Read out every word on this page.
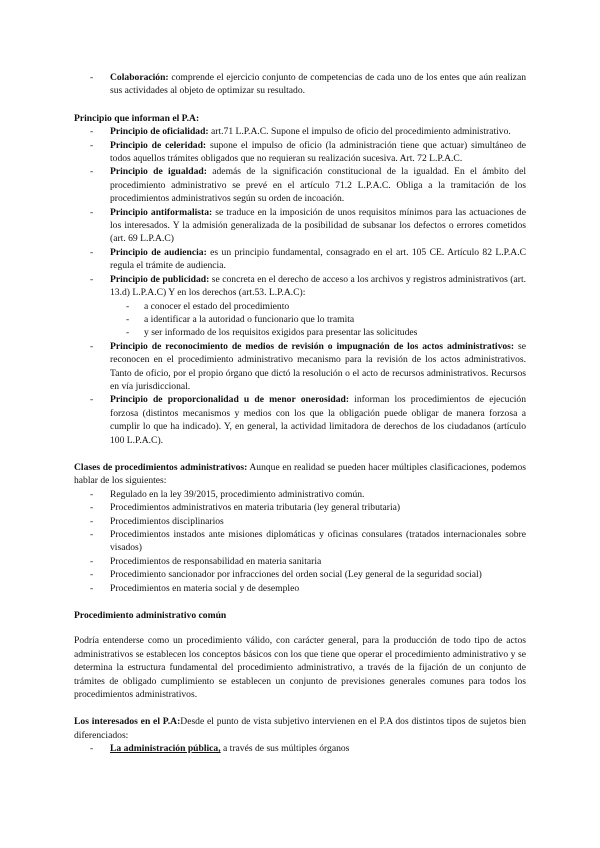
- Colaboración: comprende el ejercicio conjunto de competencias de cada uno de los entes que aún realizan sus actividades al objeto de optimizar su resultado.

Principio que informan el P.A:

- Principio de oficialidad: art.71 L.P.A.C. Supone el impulso de oficio del procedimiento administrativo.
- Principio de celeridad: supone el impulso de oficio (la administración tiene que actuar) simultáneo de todos aquellos trámites obligados que no requieran su realización sucesiva. Art. 72 L.P.A.C.
- Principio de igualdad: además de la significación constitucional de la igualdad. En el ámbito del procedimiento administrativo se prevé en el artículo 71.2 L.P.A.C. Obliga a la tramitación de los procedimientos administrativos según su orden de incoación.
- Principio antiformalista: se traduce en la imposición de unos requisitos mínimos para las actuaciones de los interesados. Y la admisión generalizada de la posibilidad de subsanar los defectos o errores cometidos (art. 69 L.P.A.C)
- Principio de audiencia: es un principio fundamental, consagrado en el art. 105 CE. Artículo 82 L.P.A.C regula el trámite de audiencia.
- Principio de publicidad: se concreta en el derecho de acceso a los archivos y registros administrativos (art. 13.d) L.P.A.C) Y en los derechos (art.53. L.P.A.C):
- a conocer el estado del procedimiento
- a identificar a la autoridad o funcionario que lo tramita
- y ser informado de los requisitos exigidos para presentar las solicitudes
- Principio de reconocimiento de medios de revisión o impugnación de los actos administrativos: se reconocen en el procedimiento administrativo mecanismo para la revisión de los actos administrativos. Tanto de oficio, por el propio órgano que dictó la resolución o el acto de recursos administrativos. Recursos en vía jurisdiccional.
- Principio de proporcionalidad u de menor onerosidad: informan los procedimientos de ejecución forzosa (distintos mecanismos y medios con los que la obligación puede obligar de manera forzosa a cumplir lo que ha indicado). Y, en general, la actividad limitadora de derechos de los ciudadanos (artículo 100 L.P.A.C).

Clases de procedimientos administrativos: Aunque en realidad se pueden hacer múltiples clasificaciones, podemos hablar de los siguientes:

- Regulado en la ley 39/2015, procedimiento administrativo común.
- Procedimientos administrativos en materia tributaria (ley general tributaria)
- Procedimientos disciplinarios
- Procedimientos instados ante misiones diplomáticas y oficinas consulares (tratados internacionales sobre visados)
- Procedimientos de responsabilidad en materia sanitaria
- Procedimiento sancionador por infracciones del orden social (Ley general de la seguridad social)
- Procedimientos en materia social y de desempleo

Procedimiento administrativo común

Podría entenderse como un procedimiento válido, con carácter general, para la producción de todo tipo de actos administrativos se establecen los conceptos básicos con los que tiene que operar el procedimiento administrativo y se determina la estructura fundamental del procedimiento administrativo, a través de la fijación de un conjunto de trámites de obligado cumplimiento se establecen un conjunto de previsiones generales comunes para todos los procedimientos administrativos.

Los interesados en el P.A:Desde el punto de vista subjetivo intervienen en el P.A dos distintos tipos de sujetos bien diferenciados:

- La administración pública, a través de sus múltiples órganos
